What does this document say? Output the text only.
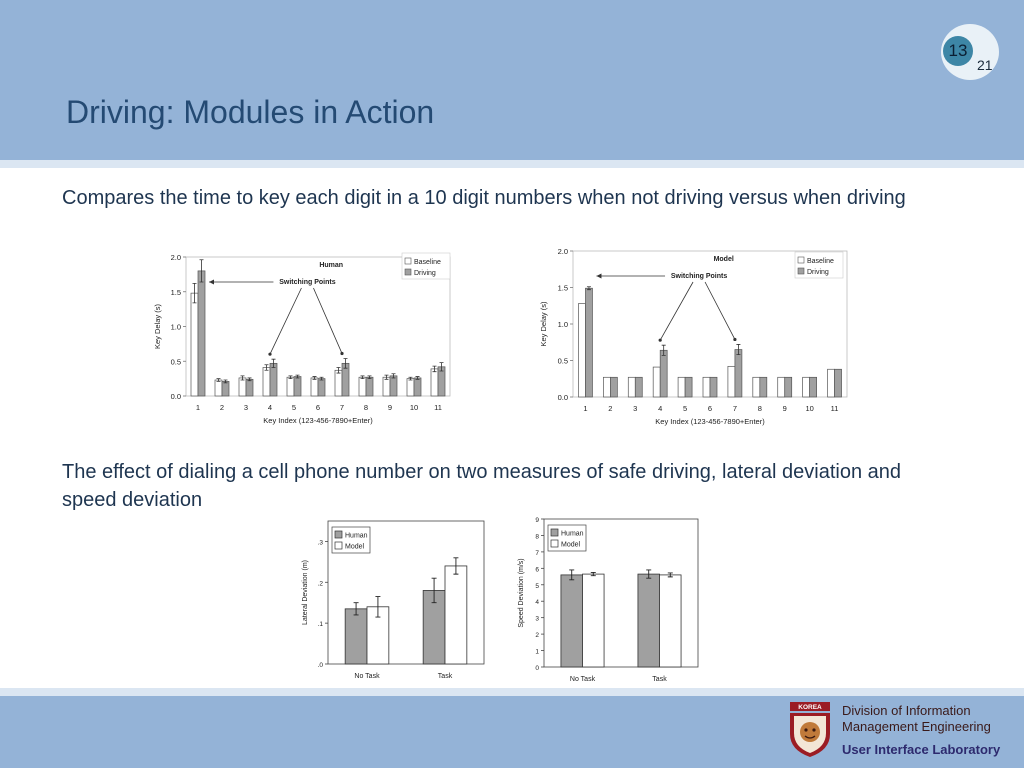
Driving: Modules in Action
13
21
Compares the time to key each digit in a 10 digit numbers when not driving versus when driving
0.0
0.5
1.0
1.5
2.0
1	2	3	4	5	6	7	8	9 10 11
Key Index (123-456-7890+Enter)
Key Delay (s)
Human	Baseline
Driving
Switching Points
0.0
0.5
1.0
1.5
2.0
1	2	3	4	5	6	7	8	9 10 11
Key Index (123-456-7890+Enter)
Key Delay (s)
Model	Baseline
Driving
Switching Points
The effect of dialing a cell phone number on two measures of safe driving, lateral deviation and speed deviation
.0
.1
.2
.3
No Task	Task
Lateral Deviation (m)
Human
Model
0
1
2
3
4
5
6
7
8
9
No Task	Task
Speed Deviation (m/s)
Human
Model
KOREA Division of Information
Management Engineering
User Interface Laboratory
